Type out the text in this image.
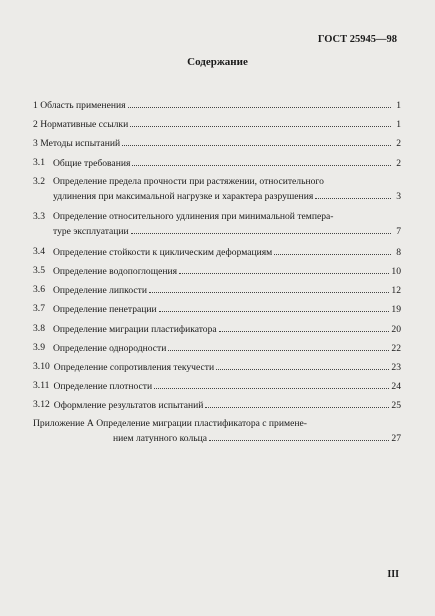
ГОСТ 25945—98
Содержание
1 Область применения	1
2 Нормативные ссылки	1
3 Методы испытаний	2
3.1 Общие требования	2
3.2 Определение предела прочности при растяжении, относительного
удлинения при максимальной нагрузке и характера разрушения	3
3.3 Определение относительного удлинения при минимальной темпера-
туре эксплуатации	7
3.4 Определение стойкости к циклическим деформациям	8
3.5 Определение водопоглощения	10
3.6 Определение липкости	12
3.7 Определение пенетрации	19
3.8 Определение миграции пластификатора	20
3.9 Определение однородности	22
3.10 Определение сопротивления текучести	23
3.11 Определение плотности	24
3.12 Оформление результатов испытаний	25
Приложение А Определение миграции пластификатора с примене-
нием латунного кольца	27
III
